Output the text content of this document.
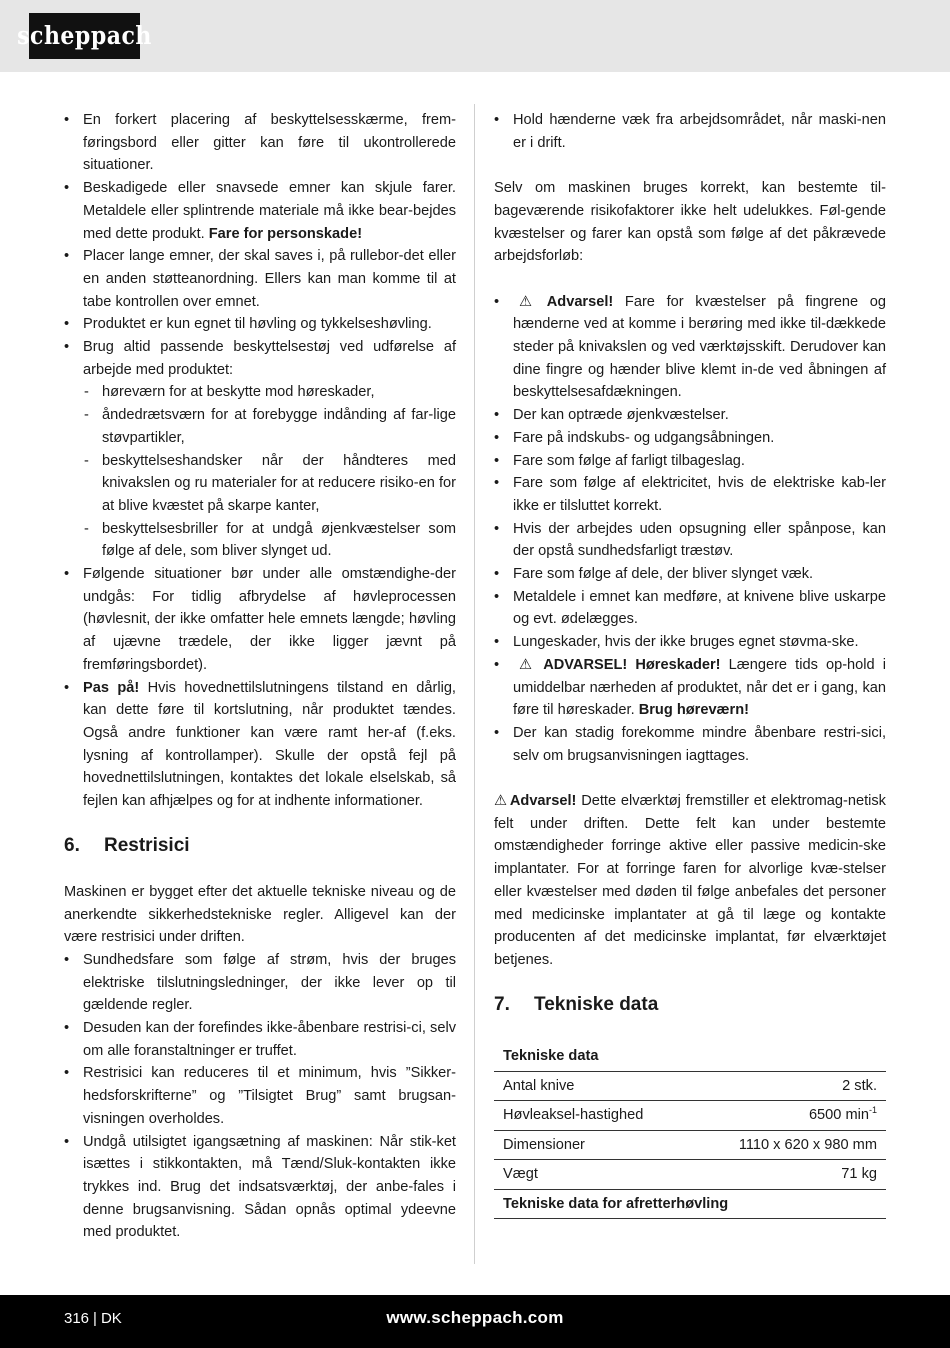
scheppach
• En forkert placering af beskyttelsesskærme, frem-føringsbord eller gitter kan føre til ukontrollerede situationer.
• Beskadigede eller snavsede emner kan skjule farer. Metaldele eller splintrende materiale må ikke bear-bejdes med dette produkt. Fare for personskade!
• Placer lange emner, der skal saves i, på rullebor-det eller en anden støtteanordning. Ellers kan man komme til at tabe kontrollen over emnet.
• Produktet er kun egnet til høvling og tykkelseshøvling.
• Brug altid passende beskyttelsestøj ved udførelse af arbejde med produktet:
- høreværn for at beskytte mod høreskader,
- åndedrætsværn for at forebygge indånding af far-lige støvpartikler,
- beskyttelseshandsker når der håndteres med knivakslen og ru materialer for at reducere risiko-en for at blive kvæstet på skarpe kanter,
- beskyttelsesbriller for at undgå øjenkvæstelser som følge af dele, som bliver slynget ud.
• Følgende situationer bør under alle omstændighe-der undgås: For tidlig afbrydelse af høvleprocessen (høvlesnit, der ikke omfatter hele emnets længde; høvling af ujævne trædele, der ikke ligger jævnt på fremføringsbordet).
• Pas på! Hvis hovednettilslutningens tilstand en dårlig, kan dette føre til kortslutning, når produktet tændes. Også andre funktioner kan være ramt her-af (f.eks. lysning af kontrollamper). Skulle der opstå fejl på hovednettilslutningen, kontaktes det lokale elselskab, så fejlen kan afhjælpes og for at indhente informationer.
6. Restrisici

Maskinen er bygget efter det aktuelle tekniske niveau og de anerkendte sikkerhedstekniske regler. Alligevel kan der være restrisici under driften.

• Sundhedsfare som følge af strøm, hvis der bruges elektriske tilslutningsledninger, der ikke lever op til gældende regler.
• Desuden kan der forefindes ikke-åbenbare restrisi-ci, selv om alle foranstaltninger er truffet.
• Restrisici kan reduceres til et minimum, hvis ”Sikker-hedsforskrifterne” og ”Tilsigtet Brug” samt brugsan-visningen overholdes.
• Undgå utilsigtet igangsætning af maskinen: Når stik-ket isættes i stikkontakten, må Tænd/Sluk-kontakten ikke trykkes ind. Brug det indsatsværktøj, der anbe-fales i denne brugsanvisning. Sådan opnås optimal ydeevne med produktet.
• Hold hænderne væk fra arbejdsområdet, når maski-nen er i drift.

Selv om maskinen bruges korrekt, kan bestemte til-bageværende risikofaktorer ikke helt udelukkes. Føl-gende kvæstelser og farer kan opstå som følge af det påkrævede arbejdsforløb:

• ⚠ Advarsel! Fare for kvæstelser på fingrene og hænderne ved at komme i berøring med ikke til-dækkede steder på knivakslen og ved værktøjsskift. Derudover kan dine fingre og hænder blive klemt in-de ved åbningen af beskyttelsesafdækningen.
• Der kan optræde øjenkvæstelser.
• Fare på indskubs- og udgangsåbningen.
• Fare som følge af farligt tilbageslag.
• Fare som følge af elektricitet, hvis de elektriske kab-ler ikke er tilsluttet korrekt.
• Hvis der arbejdes uden opsugning eller spånpose, kan der opstå sundhedsfarligt træstøv.
• Fare som følge af dele, der bliver slynget væk.
• Metaldele i emnet kan medføre, at knivene blive uskarpe og evt. ødelægges.
• Lungeskader, hvis der ikke bruges egnet støvma-ske.
• ⚠ ADVARSEL! Høreskader! Længere tids op-hold i umiddelbar nærheden af produktet, når det er i gang, kan føre til høreskader. Brug høreværn!
• Der kan stadig forekomme mindre åbenbare restri-sici, selv om brugsanvisningen iagttages.

⚠ Advarsel! Dette elværktøj fremstiller et elektromag-netisk felt under driften. Dette felt kan under bestemte omstændigheder forringe aktive eller passive medicin-ske implantater. For at forringe faren for alvorlige kvæ-stelser eller kvæstelser med døden til følge anbefales det personer med medicinske implantater at gå til læge og kontakte producenten af det medicinske implantat, før elværktøjet betjenes.

7. Tekniske data
Tekniske data	
Antal knive	2 stk.
Høvleaksel-hastighed	6500 $\min^{-1}$
Dimensioner	1110 x 620 x 980 mm
Vægt	71 kg
Tekniske data for afretterhøvling	
316 | DK	www.scheppach.com
